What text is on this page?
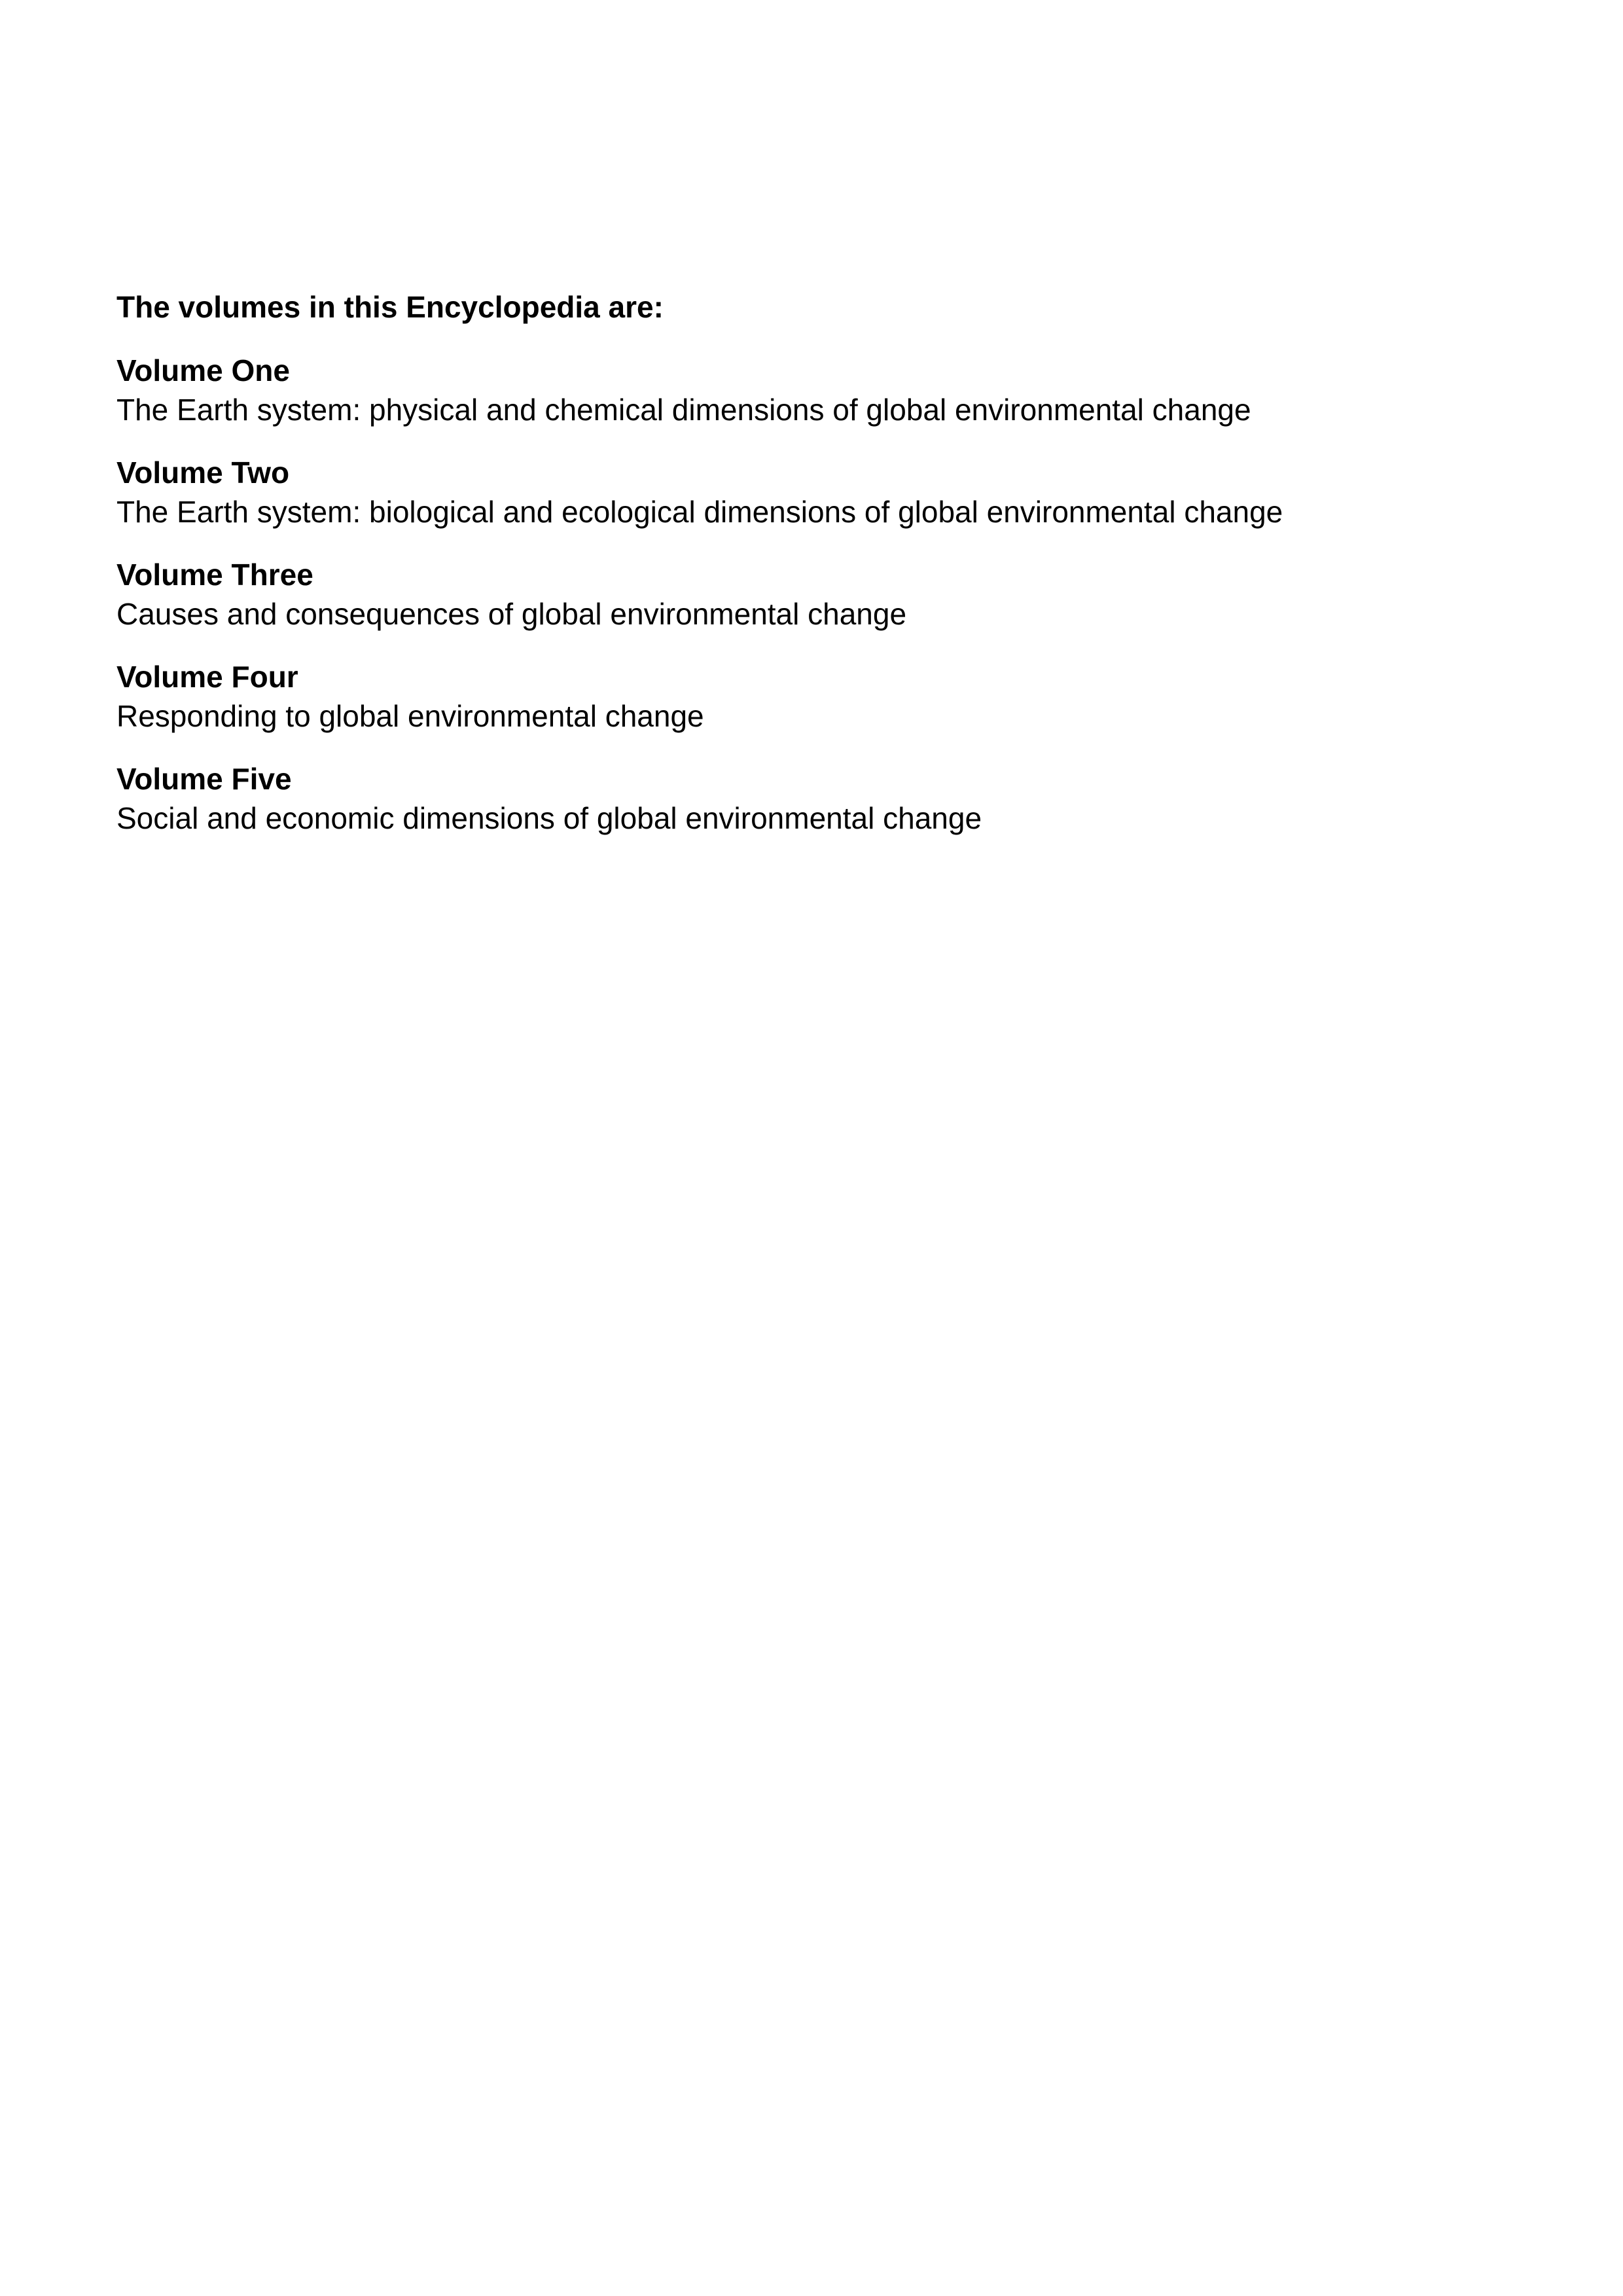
The volumes in this Encyclopedia are:
Volume One
The Earth system: physical and chemical dimensions of global environmental change
Volume Two
The Earth system: biological and ecological dimensions of global environmental change
Volume Three
Causes and consequences of global environmental change
Volume Four
Responding to global environmental change
Volume Five
Social and economic dimensions of global environmental change
